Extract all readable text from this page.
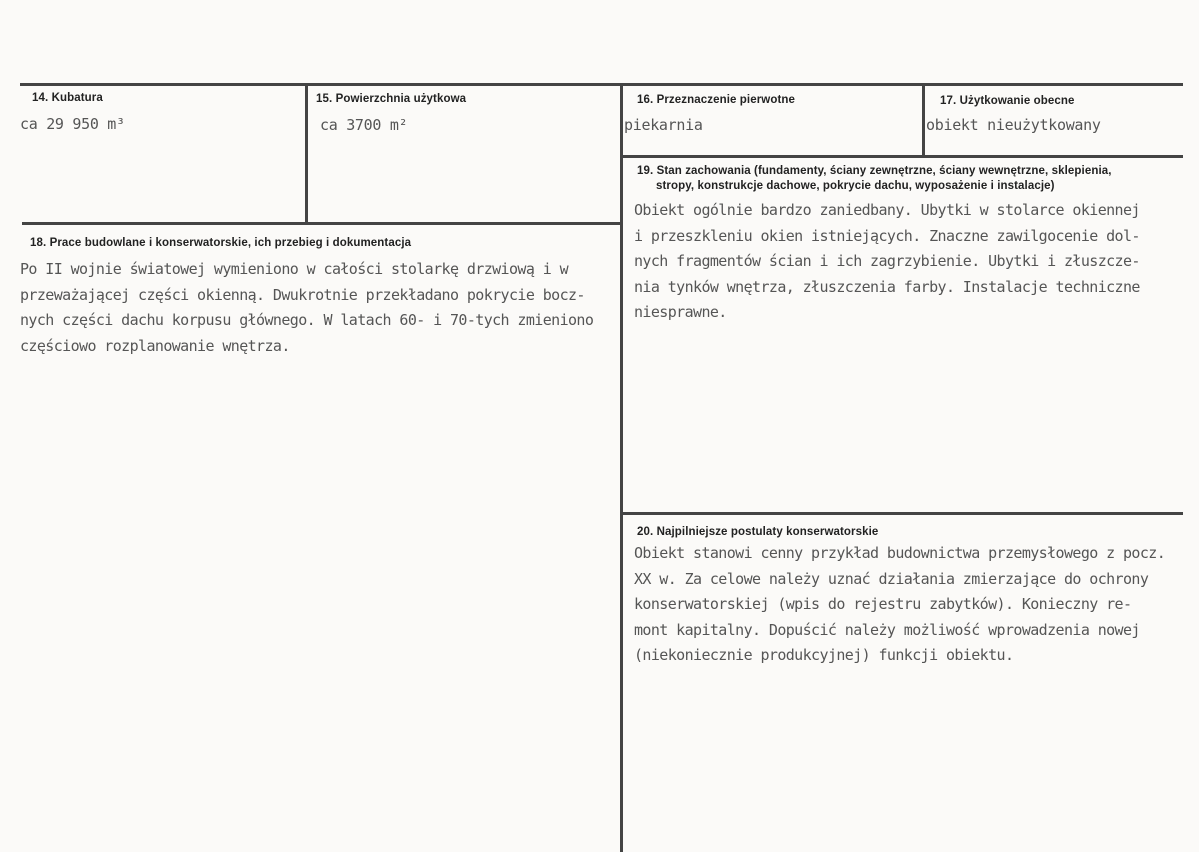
14. Kubatura
ca 29 950 m³
15. Powierzchnia użytkowa
ca 3700 m²
16. Przeznaczenie pierwotne
piekarnia
17. Użytkowanie obecne
obiekt nieużytkowany
19. Stan zachowania (fundamenty, ściany zewnętrzne, ściany wewnętrzne, sklepienia,
stropy, konstrukcje dachowe, pokrycie dachu, wyposażenie i instalacje)
Obiekt ogólnie bardzo zaniedbany. Ubytki w stolarce okiennej
i przeszkleniu okien istniejących. Znaczne zawilgocenie dol-
nych fragmentów ścian i ich zagrzybienie. Ubytki i złuszcze-
nia tynków wnętrza, złuszczenia farby. Instalacje techniczne
niesprawne.
18. Prace budowlane i konserwatorskie, ich przebieg i dokumentacja
Po II wojnie światowej wymieniono w całości stolarkę drzwiową i w
przeważającej części okienną. Dwukrotnie przekładano pokrycie bocz-
nych części dachu korpusu głównego. W latach 60- i 70-tych zmieniono
częściowo rozplanowanie wnętrza.
20. Najpilniejsze postulaty konserwatorskie
Obiekt stanowi cenny przykład budownictwa przemysłowego z pocz.
XX w. Za celowe należy uznać działania zmierzające do ochrony
konserwatorskiej (wpis do rejestru zabytków). Konieczny re-
mont kapitalny. Dopuścić należy możliwość wprowadzenia nowej
(niekoniecznie produkcyjnej) funkcji obiektu.
